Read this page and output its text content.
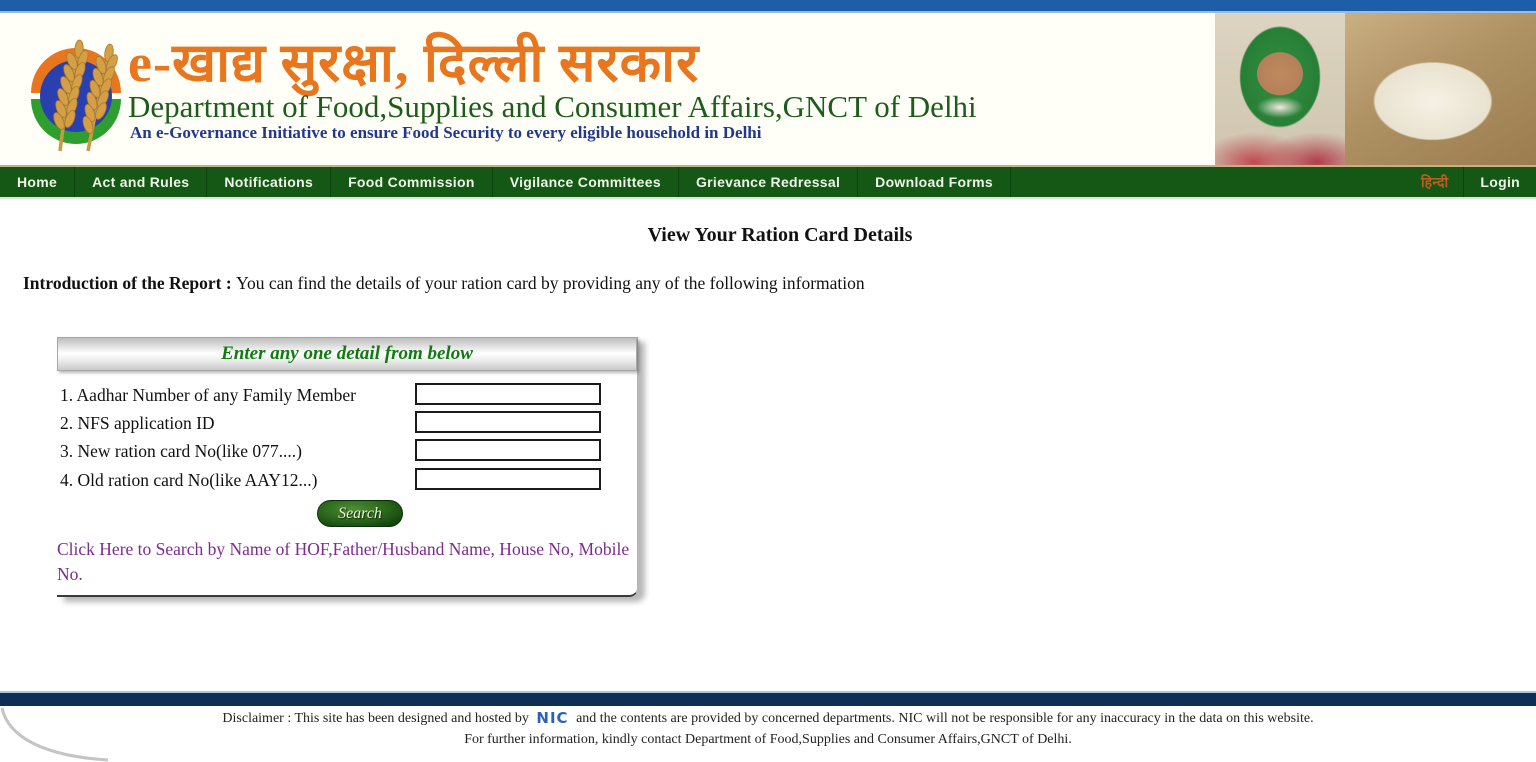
e-खाद्य सुरक्षा, दिल्ली सरकार
Department of Food,Supplies and Consumer Affairs,GNCT of Delhi
An e-Governance Initiative to ensure Food Security to every eligible household in Delhi
Home	Act and Rules	Notifications	Food Commission	Vigilance Committees	Grievance Redressal	Download Forms	हिन्दी	Login
View Your Ration Card Details
Introduction of the Report : You can find the details of your ration card by providing any of the following information
Enter any one detail from below
1. Aadhar Number of any Family Member
2. NFS application ID
3. New ration card No(like 077....)
4. Old ration card No(like AAY12...)
Search
Click Here to Search by Name of HOF,Father/Husband Name, House No, Mobile No.
Disclaimer : This site has been designed and hosted by NIC and the contents are provided by concerned departments. NIC will not be responsible for any inaccuracy in the data on this website.
For further information, kindly contact Department of Food,Supplies and Consumer Affairs,GNCT of Delhi.
